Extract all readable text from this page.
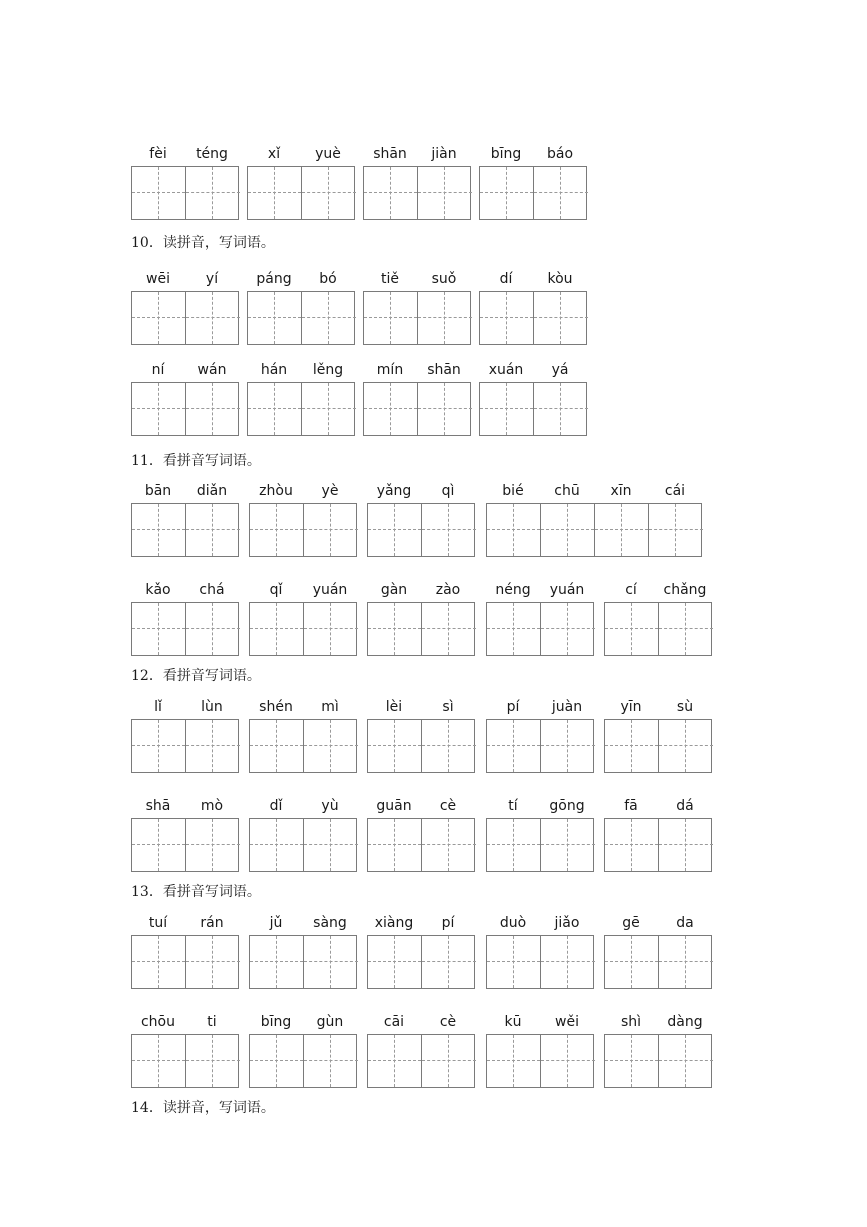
fèi	téng	xǐ	yuè	shān	jiàn	bīng	báo
10．读拼音，写词语。
wēi	yí	páng	bó	tiě	suǒ	dí	kòu
ní	wán	hán	lěng	mín	shān	xuán	yá
11．看拼音写词语。
bān	diǎn	zhòu	yè	yǎng	qì	bié	chū	xīn	cái
kǎo	chá	qǐ	yuán	gàn	zào	néng	yuán	cí	chǎng
12．看拼音写词语。
lǐ	lùn	shén	mì	lèi	sì	pí	juàn	yīn	sù
shā	mò	dǐ	yù	guān	cè	tí	gōng	fā	dá
13．看拼音写词语。
tuí	rán	jǔ	sàng	xiàng	pí	duò	jiǎo	gē	da
chōu	ti	bīng	gùn	cāi	cè	kū	wěi	shì	dàng
14．读拼音，写词语。
